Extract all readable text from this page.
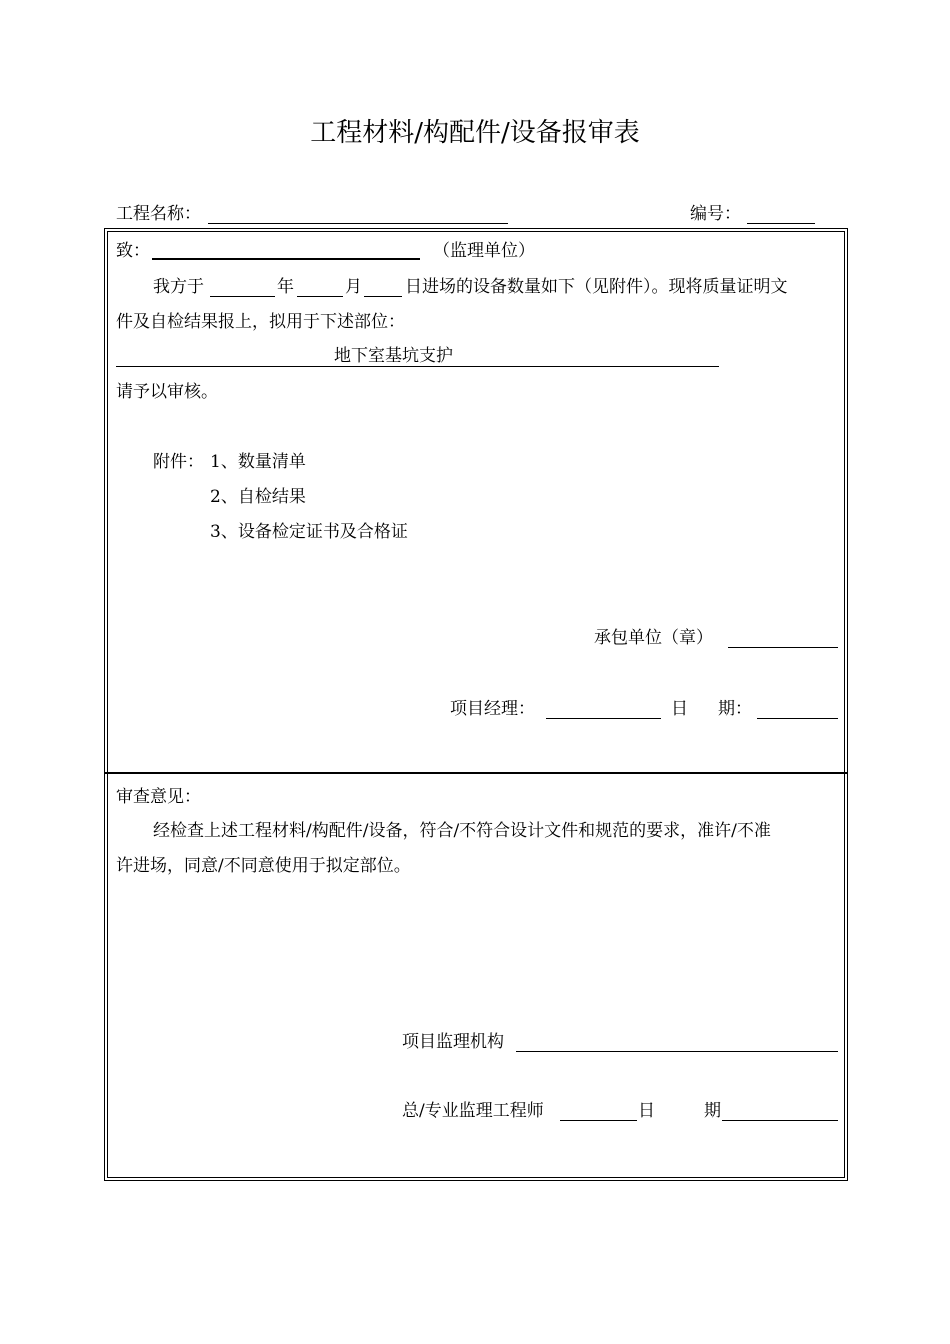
工程材料/构配件/设备报审表
工程名称：	编号：
致：	（监理单位）
我方于	年	月	日进场的设备数量如下（见附件）。现将质量证明文
件及自检结果报上，拟用于下述部位：
地下室基坑支护
请予以审核。
附件： 1、数量清单
2、自检结果
3、设备检定证书及合格证
承包单位（章）
项目经理：	日 期：
审查意见：
经检查上述工程材料/构配件/设备，符合/不符合设计文件和规范的要求，准许/不准
许进场，同意/不同意使用于拟定部位。
项目监理机构
总/专业监理工程师	日	期
